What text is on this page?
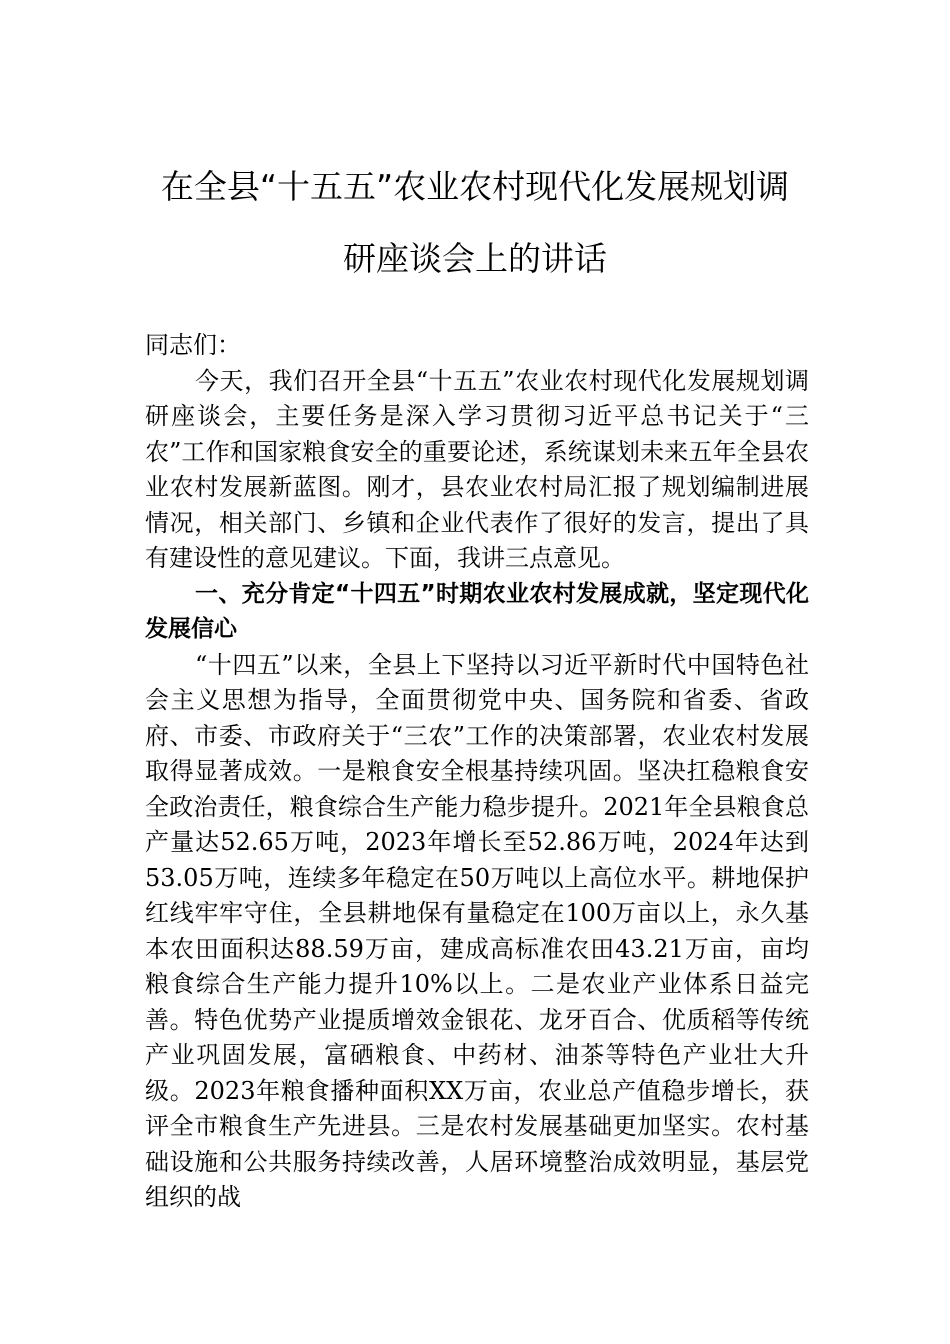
在全县“十五五”农业农村现代化发展规划调
研座谈会上的讲话

同志们：

今天，我们召开全县“十五五”农业农村现代化发展规划调研座谈会，主要任务是深入学习贯彻习近平总书记关于“三农”工作和国家粮食安全的重要论述，系统谋划未来五年全县农业农村发展新蓝图。刚才，县农业农村局汇报了规划编制进展情况，相关部门、乡镇和企业代表作了很好的发言，提出了具有建设性的意见建议。下面，我讲三点意见。

一、充分肯定“十四五”时期农业农村发展成就，坚定现代化发展信心

“十四五”以来，全县上下坚持以习近平新时代中国特色社会主义思想为指导，全面贯彻党中央、国务院和省委、省政府、市委、市政府关于“三农”工作的决策部署，农业农村发展取得显著成效。一是粮食安全根基持续巩固。坚决扛稳粮食安全政治责任，粮食综合生产能力稳步提升。2021年全县粮食总产量达52.65万吨，2023年增长至52.86万吨，2024年达到53.05万吨，连续多年稳定在50万吨以上高位水平。耕地保护红线牢牢守住，全县耕地保有量稳定在100万亩以上，永久基本农田面积达88.59万亩，建成高标准农田43.21万亩，亩均粮食综合生产能力提升10%以上。二是农业产业体系日益完善。特色优势产业提质增效金银花、龙牙百合、优质稻等传统产业巩固发展，富硒粮食、中药材、油茶等特色产业壮大升级。2023年粮食播种面积XX万亩，农业总产值稳步增长，获评全市粮食生产先进县。三是农村发展基础更加坚实。农村基础设施和公共服务持续改善，人居环境整治成效明显，基层党组织的战
